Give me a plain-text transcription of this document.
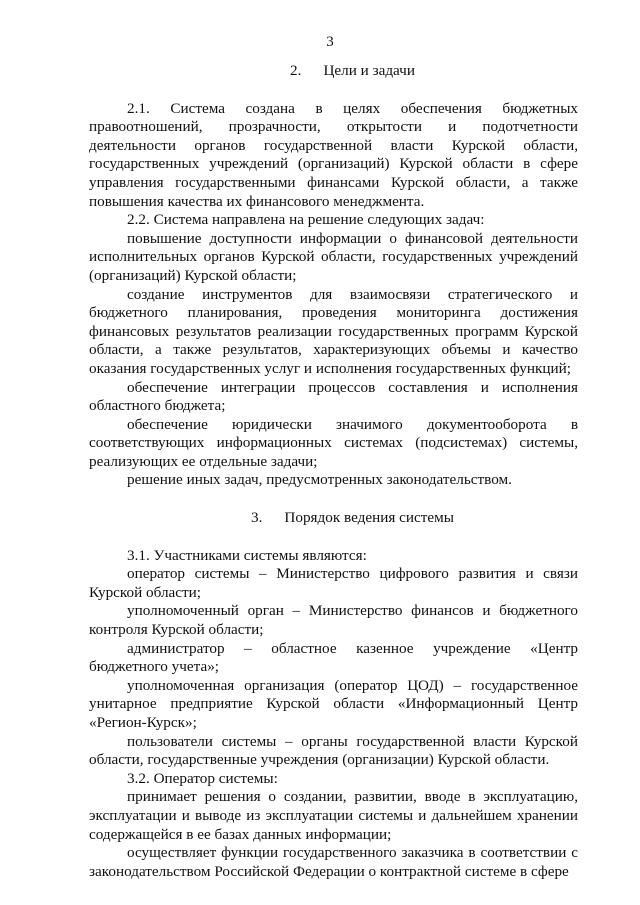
3
2. Цели и задачи

2.1. Система создана в целях обеспечения бюджетных правоотношений, прозрачности, открытости и подотчетности деятельности органов государственной власти Курской области, государственных учреждений (организаций) Курской области в сфере управления государственными финансами Курской области, а также повышения качества их финансового менеджмента.

2.2. Система направлена на решение следующих задач:

повышение доступности информации о финансовой деятельности исполнительных органов Курской области, государственных учреждений (организаций) Курской области;

создание инструментов для взаимосвязи стратегического и бюджетного планирования, проведения мониторинга достижения финансовых результатов реализации государственных программ Курской области, а также результатов, характеризующих объемы и качество оказания государственных услуг и исполнения государственных функций;

обеспечение интеграции процессов составления и исполнения областного бюджета;

обеспечение юридически значимого документооборота в соответствующих информационных системах (подсистемах) системы, реализующих ее отдельные задачи;

решение иных задач, предусмотренных законодательством.

3. Порядок ведения системы

3.1. Участниками системы являются:

оператор системы – Министерство цифрового развития и связи Курской области;

уполномоченный орган – Министерство финансов и бюджетного контроля Курской области;

администратор – областное казенное учреждение «Центр бюджетного учета»;

уполномоченная организация (оператор ЦОД) – государственное унитарное предприятие Курской области «Информационный Центр «Регион-Курск»;

пользователи системы – органы государственной власти Курской области, государственные учреждения (организации) Курской области.

3.2. Оператор системы:

принимает решения о создании, развитии, вводе в эксплуатацию, эксплуатации и выводе из эксплуатации системы и дальнейшем хранении содержащейся в ее базах данных информации;

осуществляет функции государственного заказчика в соответствии с законодательством Российской Федерации о контрактной системе в сфере
